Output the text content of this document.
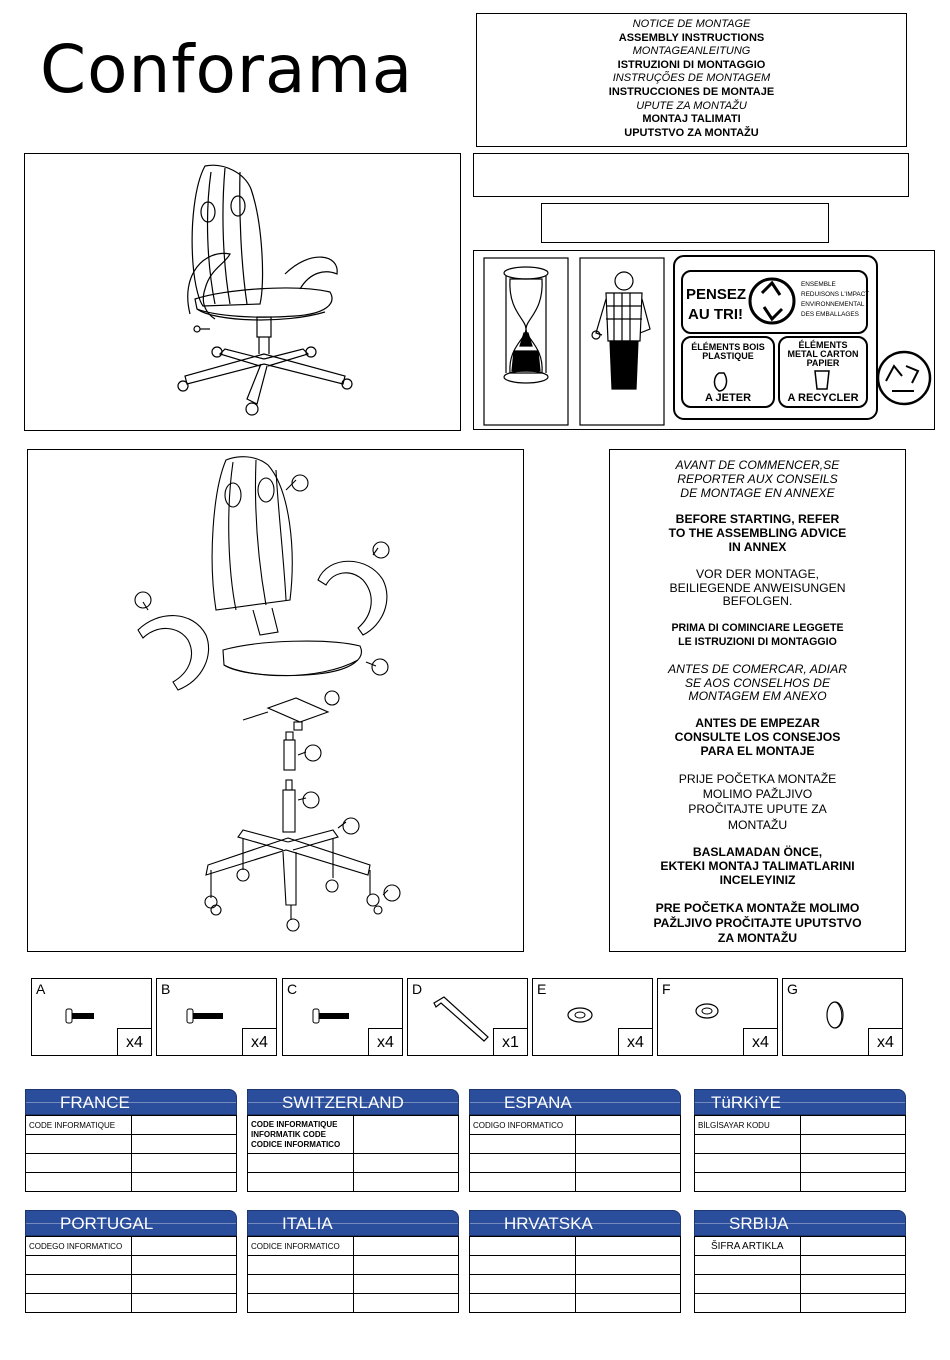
Conforama
NOTICE DE MONTAGE
ASSEMBLY INSTRUCTIONS
MONTAGEANLEITUNG
ISTRUZIONI DI MONTAGGIO
INSTRUÇÕES DE MONTAGEM
INSTRUCCIONES DE MONTAJE
UPUTE ZA MONTAŽU
MONTAJ TALIMATI
UPUTSTVO ZA MONTAŽU
PENSEZ
AU TRI!
ENSEMBLE
REDUISONS L'IMPACT
ENVIRONNEMENTAL
DES EMBALLAGES
ÉLÉMENTS BOIS
PLASTIQUE
A JETER
ÉLÉMENTS
METAL CARTON
PAPIER
A RECYCLER
AVANT DE COMMENCER,SE
REPORTER AUX CONSEILS
DE MONTAGE EN ANNEXE
BEFORE STARTING, REFER
TO THE ASSEMBLING ADVICE
IN ANNEX
VOR DER MONTAGE,
BEILIEGENDE ANWEISUNGEN
BEFOLGEN.
PRIMA DI COMINCIARE LEGGETE
LE ISTRUZIONI DI MONTAGGIO
ANTES DE COMERCAR, ADIAR
SE AOS CONSELHOS DE
MONTAGEM EM ANEXO
ANTES DE EMPEZAR
CONSULTE LOS CONSEJOS
PARA EL MONTAJE
PRIJE POČETKA MONTAŽE
MOLIMO PAŽLJIVO
PROČITAJTE UPUTE ZA
MONTAŽU
BASLAMADAN ÖNCE,
EKTEKI MONTAJ TALIMATLARINI
INCELEYINIZ
PRE POČETKA MONTAŽE MOLIMO
PAŽLJIVO PROČITAJTE UPUTSTVO
ZA MONTAŽU
A
x4
B
x4
C
x4
D
x1
E
x4
F
x4
G
x4
FRANCE
CODE INFORMATIQUE	

SWITZERLAND
CODE INFORMATIQUE
INFORMATIK CODE
CODICE INFORMATICO	

ESPANA
CODIGO INFORMATICO	

TüRKiYE
BİLGİSAYAR KODU	

PORTUGAL
CODEGO INFORMATICO	

ITALIA
CODICE INFORMATICO	

HRVATSKA

		SRBIJA
ŠIFRA ARTIKLA	
